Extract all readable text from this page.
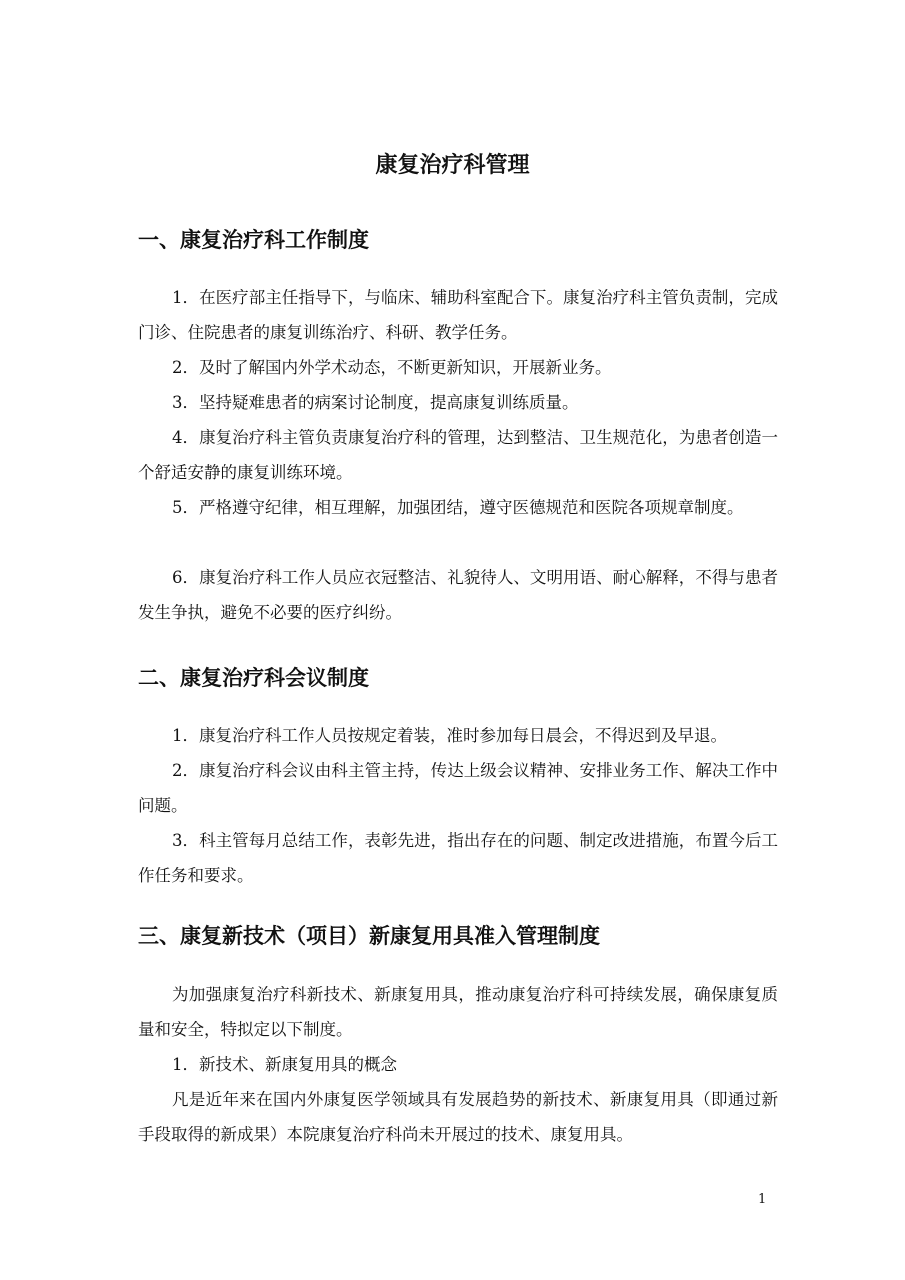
康复治疗科管理
一、康复治疗科工作制度

1．在医疗部主任指导下，与临床、辅助科室配合下。康复治疗科主管负责制，完成门诊、住院患者的康复训练治疗、科研、教学任务。

2．及时了解国内外学术动态，不断更新知识，开展新业务。

3．坚持疑难患者的病案讨论制度，提高康复训练质量。

4．康复治疗科主管负责康复治疗科的管理，达到整洁、卫生规范化，为患者创造一个舒适安静的康复训练环境。

5．严格遵守纪律，相互理解，加强团结，遵守医德规范和医院各项规章制度。

6．康复治疗科工作人员应衣冠整洁、礼貌待人、文明用语、耐心解释，不得与患者发生争执，避免不必要的医疗纠纷。

二、康复治疗科会议制度

1．康复治疗科工作人员按规定着装，准时参加每日晨会，不得迟到及早退。

2．康复治疗科会议由科主管主持，传达上级会议精神、安排业务工作、解决工作中问题。

3．科主管每月总结工作，表彰先进，指出存在的问题、制定改进措施，布置今后工作任务和要求。

三、康复新技术（项目）新康复用具准入管理制度

为加强康复治疗科新技术、新康复用具，推动康复治疗科可持续发展，确保康复质量和安全，特拟定以下制度。

1．新技术、新康复用具的概念

凡是近年来在国内外康复医学领域具有发展趋势的新技术、新康复用具（即通过新手段取得的新成果）本院康复治疗科尚未开展过的技术、康复用具。

1
